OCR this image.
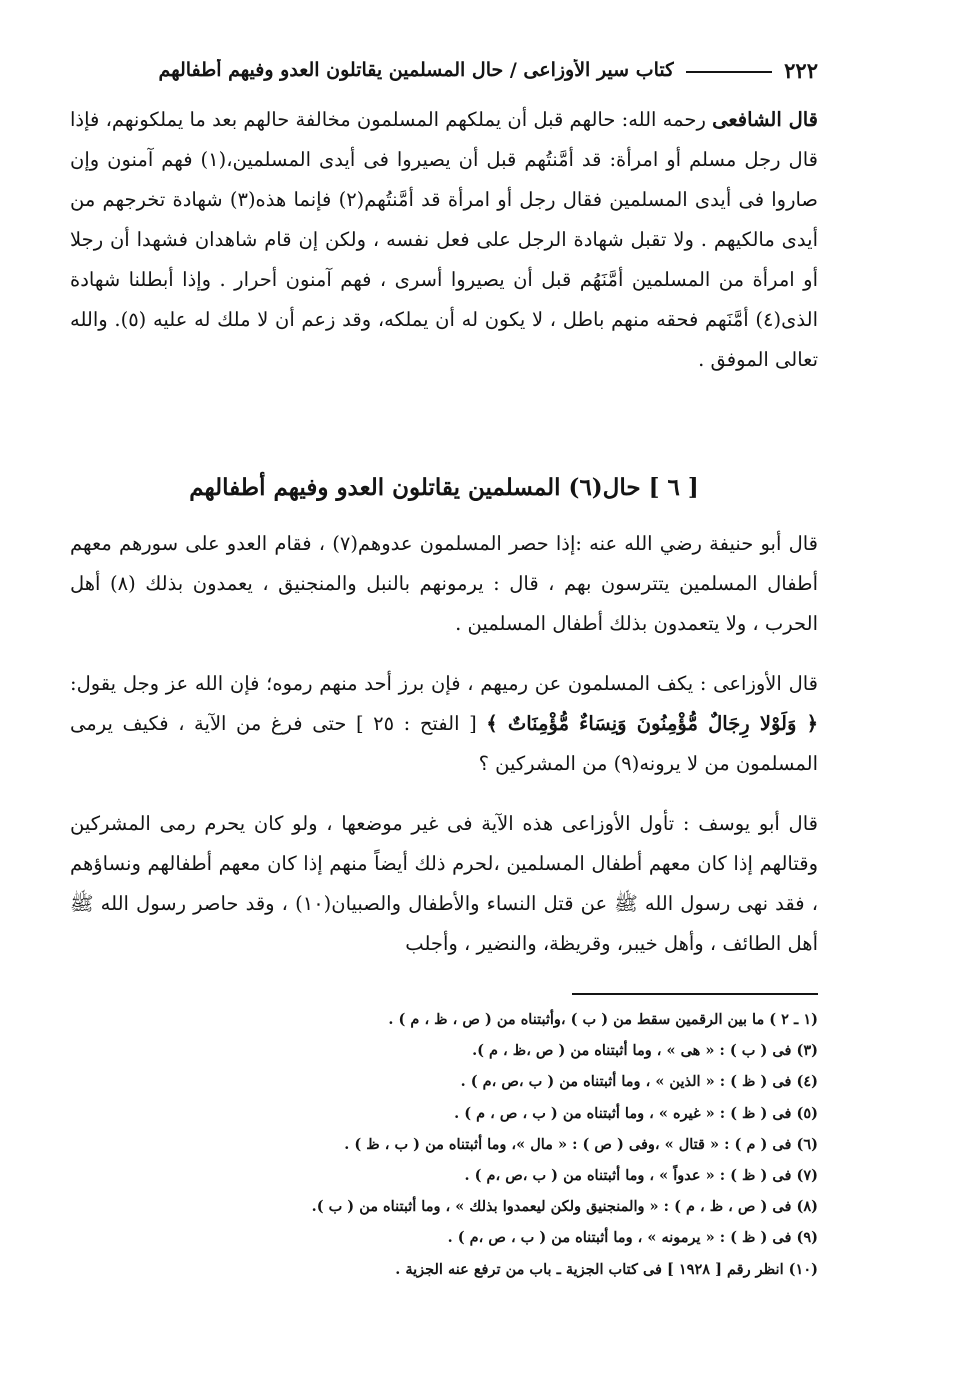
٢٢٢
كتاب سير الأوزاعى / حال المسلمين يقاتلون العدو وفيهم أطفالهم
قال الشافعى رحمه الله: حالهم قبل أن يملكهم المسلمون مخالفة حالهم بعد ما يملكونهم، فإذا قال رجل مسلم أو امرأة: قد أمَّنتُهم قبل أن يصيروا فى أيدى المسلمين،(١) فهم آمنون وإن صاروا فى أيدى المسلمين فقال رجل أو امرأة قد أمَّنتُهم(٢) فإنما هذه(٣) شهادة تخرجهم من أيدى مالكيهم . ولا تقبل شهادة الرجل على فعل نفسه ، ولكن إن قام شاهدان فشهدا أن رجلا أو امرأة من المسلمين أمَّنَهُم قبل أن يصيروا أسرى ، فهم آمنون أحرار . وإذا أبطلنا شهادة الذى(٤) أمَّنَهم فحقه منهم باطل ، لا يكون له أن يملكه، وقد زعم أن لا ملك له عليه (٥). والله تعالى الموفق .
[ ٦ ] حال(٦) المسلمين يقاتلون العدو وفيهم أطفالهم
قال أبو حنيفة رضي الله عنه :إذا حصر المسلمون عدوهم(٧) ، فقام العدو على سورهم معهم أطفال المسلمين يتترسون بهم ، قال : يرمونهم بالنبل والمنجنيق ، يعمدون بذلك (٨) أهل الحرب ، ولا يتعمدون بذلك أطفال المسلمين .
قال الأوزاعى : يكف المسلمون عن رميهم ، فإن برز أحد منهم رموه؛ فإن الله عز وجل يقول: ﴿ وَلَوْلا رِجَالٌ مُّؤْمِنُونَ وَنِسَاءٌ مُّؤْمِنَاتٌ ﴾ [ الفتح : ٢٥ ] حتى فرغ من الآية ، فكيف يرمى المسلمون من لا يرونه(٩) من المشركين ؟
قال أبو يوسف : تأول الأوزاعى هذه الآية فى غير موضعها ، ولو كان يحرم رمى المشركين وقتالهم إذا كان معهم أطفال المسلمين ،لحرم ذلك أيضاً منهم إذا كان معهم أطفالهم ونساؤهم ، فقد نهى رسول الله ﷺ عن قتل النساء والأطفال والصبيان(١٠) ، وقد حاصر رسول الله ﷺ أهل الطائف ، وأهل خيبر، وقريظة، والنضير ، وأجلب
(١ ـ ٢ ) ما بين الرقمين سقط من ( ب ) ،وأثبتناه من ( ص ، ظ ، م ) .
(٣) فى ( ب ) : « هى » ، وما أثبتناه من ( ص ،ظ ، م ).
(٤) فى ( ظ ) : « الذين » ، وما أثبتناه من ( ب ،ص ،م ) .
(٥) فى ( ظ ) : « غيره » ، وما أثبتناه من ( ب ، ص ، م ) .
(٦) فى ( م ) : « قتال » ،وفى ( ص ) : « مال »، وما أثبتناه من ( ب ، ظ ) .
(٧) فى ( ظ ) : « عدواً » ، وما أثبتناه من ( ب ،ص ،م ) .
(٨) فى ( ص ، ظ ، م ) : « والمنجنيق ولكن ليعمدوا بذلك » ، وما أثبتناه من ( ب ).
(٩) فى ( ظ ) : « يرمونه » ، وما أثبتناه من ( ب ، ص ،م ) .
(١٠) انظر رقم [ ١٩٢٨ ] فى كتاب الجزية ـ باب من ترفع عنه الجزية .
